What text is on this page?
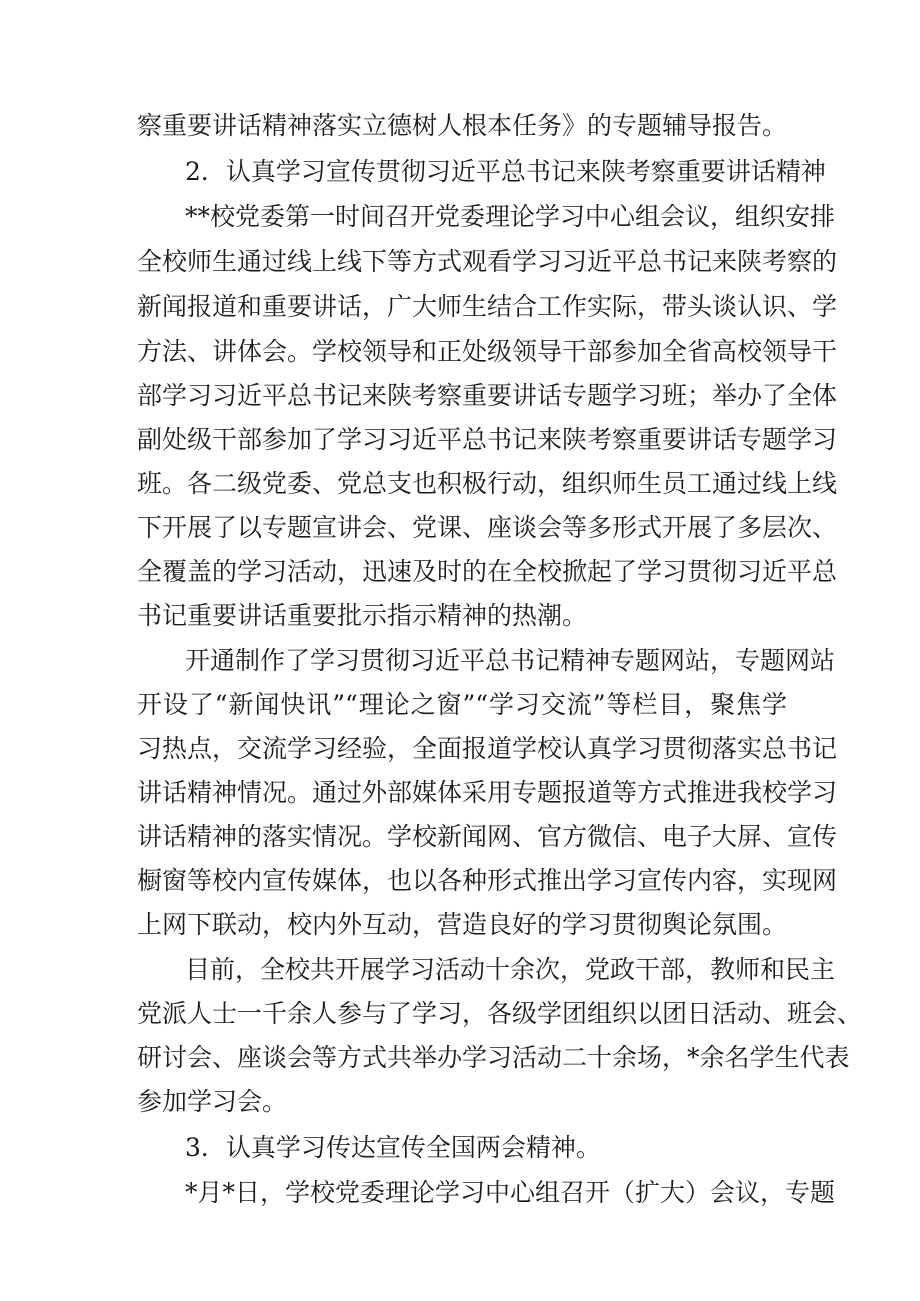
察重要讲话精神落实立德树人根本任务》的专题辅导报告。
2．认真学习宣传贯彻习近平总书记来陕考察重要讲话精神
**校党委第一时间召开党委理论学习中心组会议，组织安排
全校师生通过线上线下等方式观看学习习近平总书记来陕考察的
新闻报道和重要讲话，广大师生结合工作实际，带头谈认识、学
方法、讲体会。学校领导和正处级领导干部参加全省高校领导干
部学习习近平总书记来陕考察重要讲话专题学习班；举办了全体
副处级干部参加了学习习近平总书记来陕考察重要讲话专题学习
班。各二级党委、党总支也积极行动，组织师生员工通过线上线
下开展了以专题宣讲会、党课、座谈会等多形式开展了多层次、
全覆盖的学习活动，迅速及时的在全校掀起了学习贯彻习近平总
书记重要讲话重要批示指示精神的热潮。
开通制作了学习贯彻习近平总书记精神专题网站，专题网站
开设了“新闻快讯”“理论之窗”“学习交流”等栏目，聚焦学
习热点，交流学习经验，全面报道学校认真学习贯彻落实总书记
讲话精神情况。通过外部媒体采用专题报道等方式推进我校学习
讲话精神的落实情况。学校新闻网、官方微信、电子大屏、宣传
橱窗等校内宣传媒体，也以各种形式推出学习宣传内容，实现网
上网下联动，校内外互动，营造良好的学习贯彻舆论氛围。
目前，全校共开展学习活动十余次，党政干部，教师和民主
党派人士一千余人参与了学习，各级学团组织以团日活动、班会、
研讨会、座谈会等方式共举办学习活动二十余场，*余名学生代表
参加学习会。
3．认真学习传达宣传全国两会精神。
*月*日，学校党委理论学习中心组召开（扩大）会议，专题
